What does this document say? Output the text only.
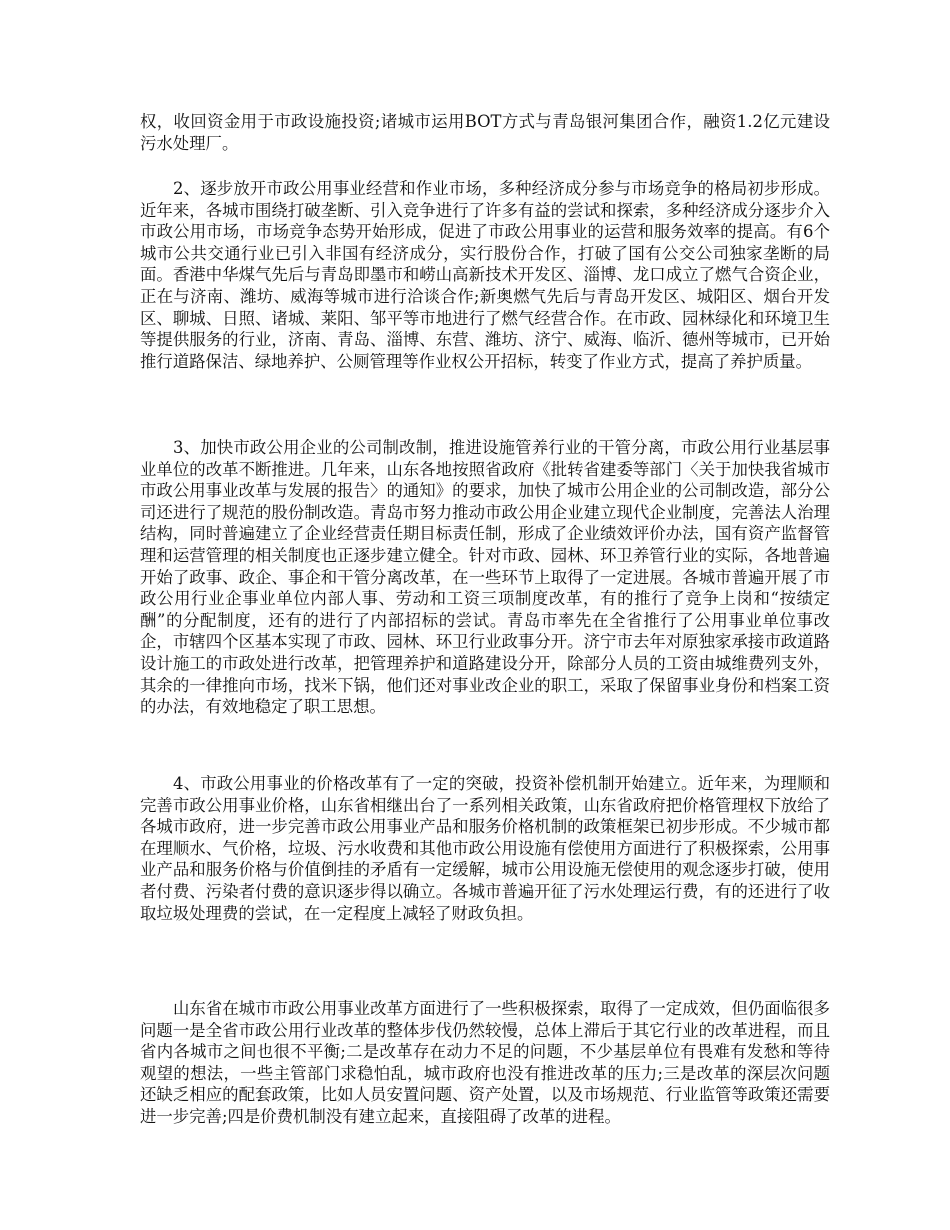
权，收回资金用于市政设施投资;诸城市运用BOT方式与青岛银河集团合作，融资1.2亿元建设污水处理厂。

2、逐步放开市政公用事业经营和作业市场，多种经济成分参与市场竞争的格局初步形成。近年来，各城市围绕打破垄断、引入竞争进行了许多有益的尝试和探索，多种经济成分逐步介入市政公用市场，市场竞争态势开始形成，促进了市政公用事业的运营和服务效率的提高。有6个城市公共交通行业已引入非国有经济成分，实行股份合作，打破了国有公交公司独家垄断的局面。香港中华煤气先后与青岛即墨市和崂山高新技术开发区、淄博、龙口成立了燃气合资企业，正在与济南、潍坊、威海等城市进行洽谈合作;新奥燃气先后与青岛开发区、城阳区、烟台开发区、聊城、日照、诸城、莱阳、邹平等市地进行了燃气经营合作。在市政、园林绿化和环境卫生等提供服务的行业，济南、青岛、淄博、东营、潍坊、济宁、威海、临沂、德州等城市，已开始推行道路保洁、绿地养护、公厕管理等作业权公开招标，转变了作业方式，提高了养护质量。

3、加快市政公用企业的公司制改制，推进设施管养行业的干管分离，市政公用行业基层事业单位的改革不断推进。几年来，山东各地按照省政府《批转省建委等部门〈关于加快我省城市市政公用事业改革与发展的报告〉的通知》的要求，加快了城市公用企业的公司制改造，部分公司还进行了规范的股份制改造。青岛市努力推动市政公用企业建立现代企业制度，完善法人治理结构，同时普遍建立了企业经营责任期目标责任制，形成了企业绩效评价办法，国有资产监督管理和运营管理的相关制度也正逐步建立健全。针对市政、园林、环卫养管行业的实际，各地普遍开始了政事、政企、事企和干管分离改革，在一些环节上取得了一定进展。各城市普遍开展了市政公用行业企事业单位内部人事、劳动和工资三项制度改革，有的推行了竞争上岗和“按绩定酬”的分配制度，还有的进行了内部招标的尝试。青岛市率先在全省推行了公用事业单位事改企，市辖四个区基本实现了市政、园林、环卫行业政事分开。济宁市去年对原独家承接市政道路设计施工的市政处进行改革，把管理养护和道路建设分开，除部分人员的工资由城维费列支外，其余的一律推向市场，找米下锅，他们还对事业改企业的职工，采取了保留事业身份和档案工资的办法，有效地稳定了职工思想。

4、市政公用事业的价格改革有了一定的突破，投资补偿机制开始建立。近年来，为理顺和完善市政公用事业价格，山东省相继出台了一系列相关政策，山东省政府把价格管理权下放给了各城市政府，进一步完善市政公用事业产品和服务价格机制的政策框架已初步形成。不少城市都在理顺水、气价格，垃圾、污水收费和其他市政公用设施有偿使用方面进行了积极探索，公用事业产品和服务价格与价值倒挂的矛盾有一定缓解，城市公用设施无偿使用的观念逐步打破，使用者付费、污染者付费的意识逐步得以确立。各城市普遍开征了污水处理运行费，有的还进行了收取垃圾处理费的尝试，在一定程度上减轻了财政负担。

山东省在城市市政公用事业改革方面进行了一些积极探索，取得了一定成效，但仍面临很多问题一是全省市政公用行业改革的整体步伐仍然较慢，总体上滞后于其它行业的改革进程，而且省内各城市之间也很不平衡;二是改革存在动力不足的问题，不少基层单位有畏难有发愁和等待观望的想法，一些主管部门求稳怕乱，城市政府也没有推进改革的压力;三是改革的深层次问题还缺乏相应的配套政策，比如人员安置问题、资产处置，以及市场规范、行业监管等政策还需要进一步完善;四是价费机制没有建立起来，直接阻碍了改革的进程。
